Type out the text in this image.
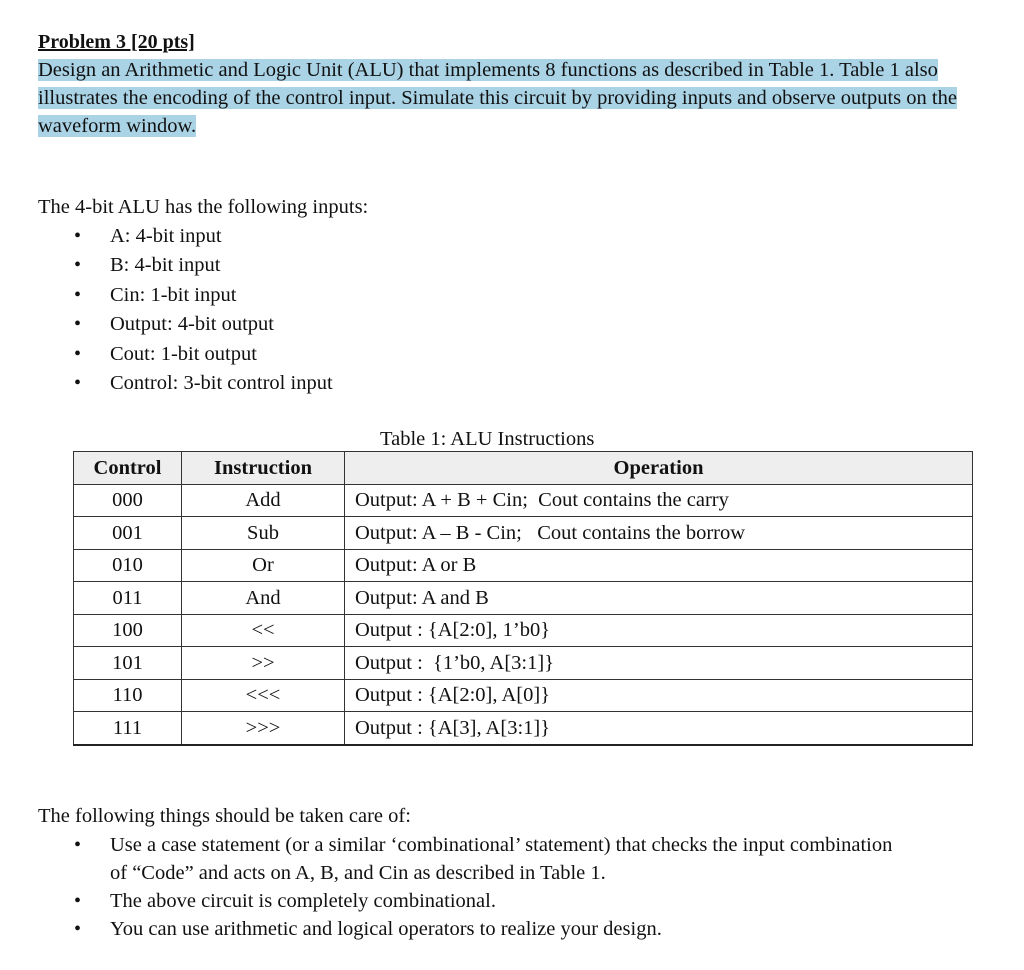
Problem 3 [20 pts]
Design an Arithmetic and Logic Unit (ALU) that implements 8 functions as described in Table 1. Table 1 also illustrates the encoding of the control input. Simulate this circuit by providing inputs and observe outputs on the waveform window.
The 4-bit ALU has the following inputs:
• A: 4-bit input
• B: 4-bit input
• Cin: 1-bit input
• Output: 4-bit output
• Cout: 1-bit output
• Control: 3-bit control input
Table 1: ALU Instructions
Control	Instruction	Operation
000	Add	Output: A + B + Cin;  Cout contains the carry
001	Sub	Output: A – B - Cin;   Cout contains the borrow
010	Or	Output: A or B
011	And	Output: A and B
100	<<	Output : {A[2:0], 1’b0}
101	>>	Output :  {1’b0, A[3:1]}
110	<<<	Output : {A[2:0], A[0]}
111	>>>	Output : {A[3], A[3:1]}
The following things should be taken care of:
• Use a case statement (or a similar ‘combinational’ statement) that checks the input combination of “Code” and acts on A, B, and Cin as described in Table 1.
• The above circuit is completely combinational.
• You can use arithmetic and logical operators to realize your design.
